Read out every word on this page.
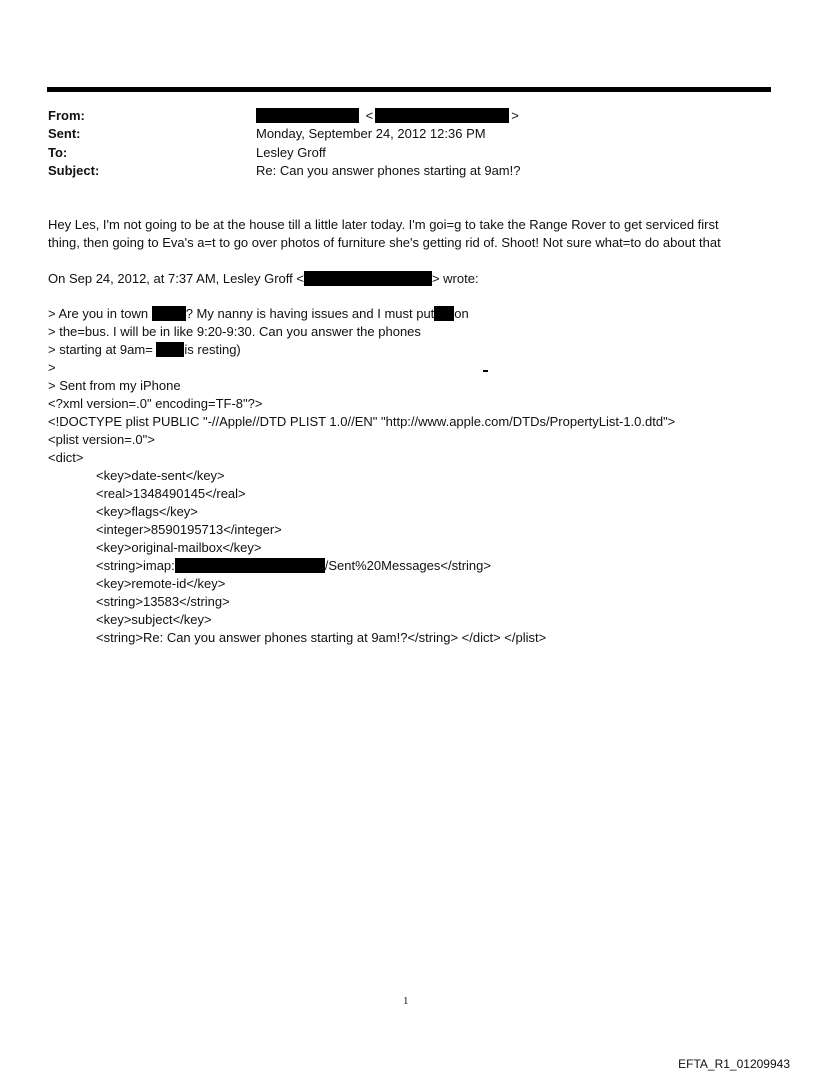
From:	<	>
Sent:	Monday, September 24, 2012 12:36 PM
To:	Lesley Groff
Subject:	Re: Can you answer phones starting at 9am!?
Hey Les, I'm not going to be at the house till a little later today. I'm goi=g to take the Range Rover to get serviced first
thing, then going to Eva's a=t to go over photos of furniture she's getting rid of. Shoot! Not sure what=to do about that
On Sep 24, 2012, at 7:37 AM, Lesley Groff <	> wrote:
> Are you in town	? My nanny is having issues and I must put on
> the=bus. I will be in like 9:20-9:30. Can you answer the phones
> starting at 9am= is resting)
>
> Sent from my iPhone
<?xml version=.0" encoding=TF-8"?>
<!DOCTYPE plist PUBLIC "-//Apple//DTD PLIST 1.0//EN" "http://www.apple.com/DTDs/PropertyList-1.0.dtd">
<plist version=.0">
<dict>
<key>date-sent</key>
<real>1348490145</real>
<key>flags</key>
<integer>8590195713</integer>
<key>original-mailbox</key>
<string>imap:	/Sent%20Messages</string>
<key>remote-id</key>
<string>13583</string>
<key>subject</key>
<string>Re: Can you answer phones starting at 9am!?</string> </dict> </plist>
1
EFTA_R1_01209943
